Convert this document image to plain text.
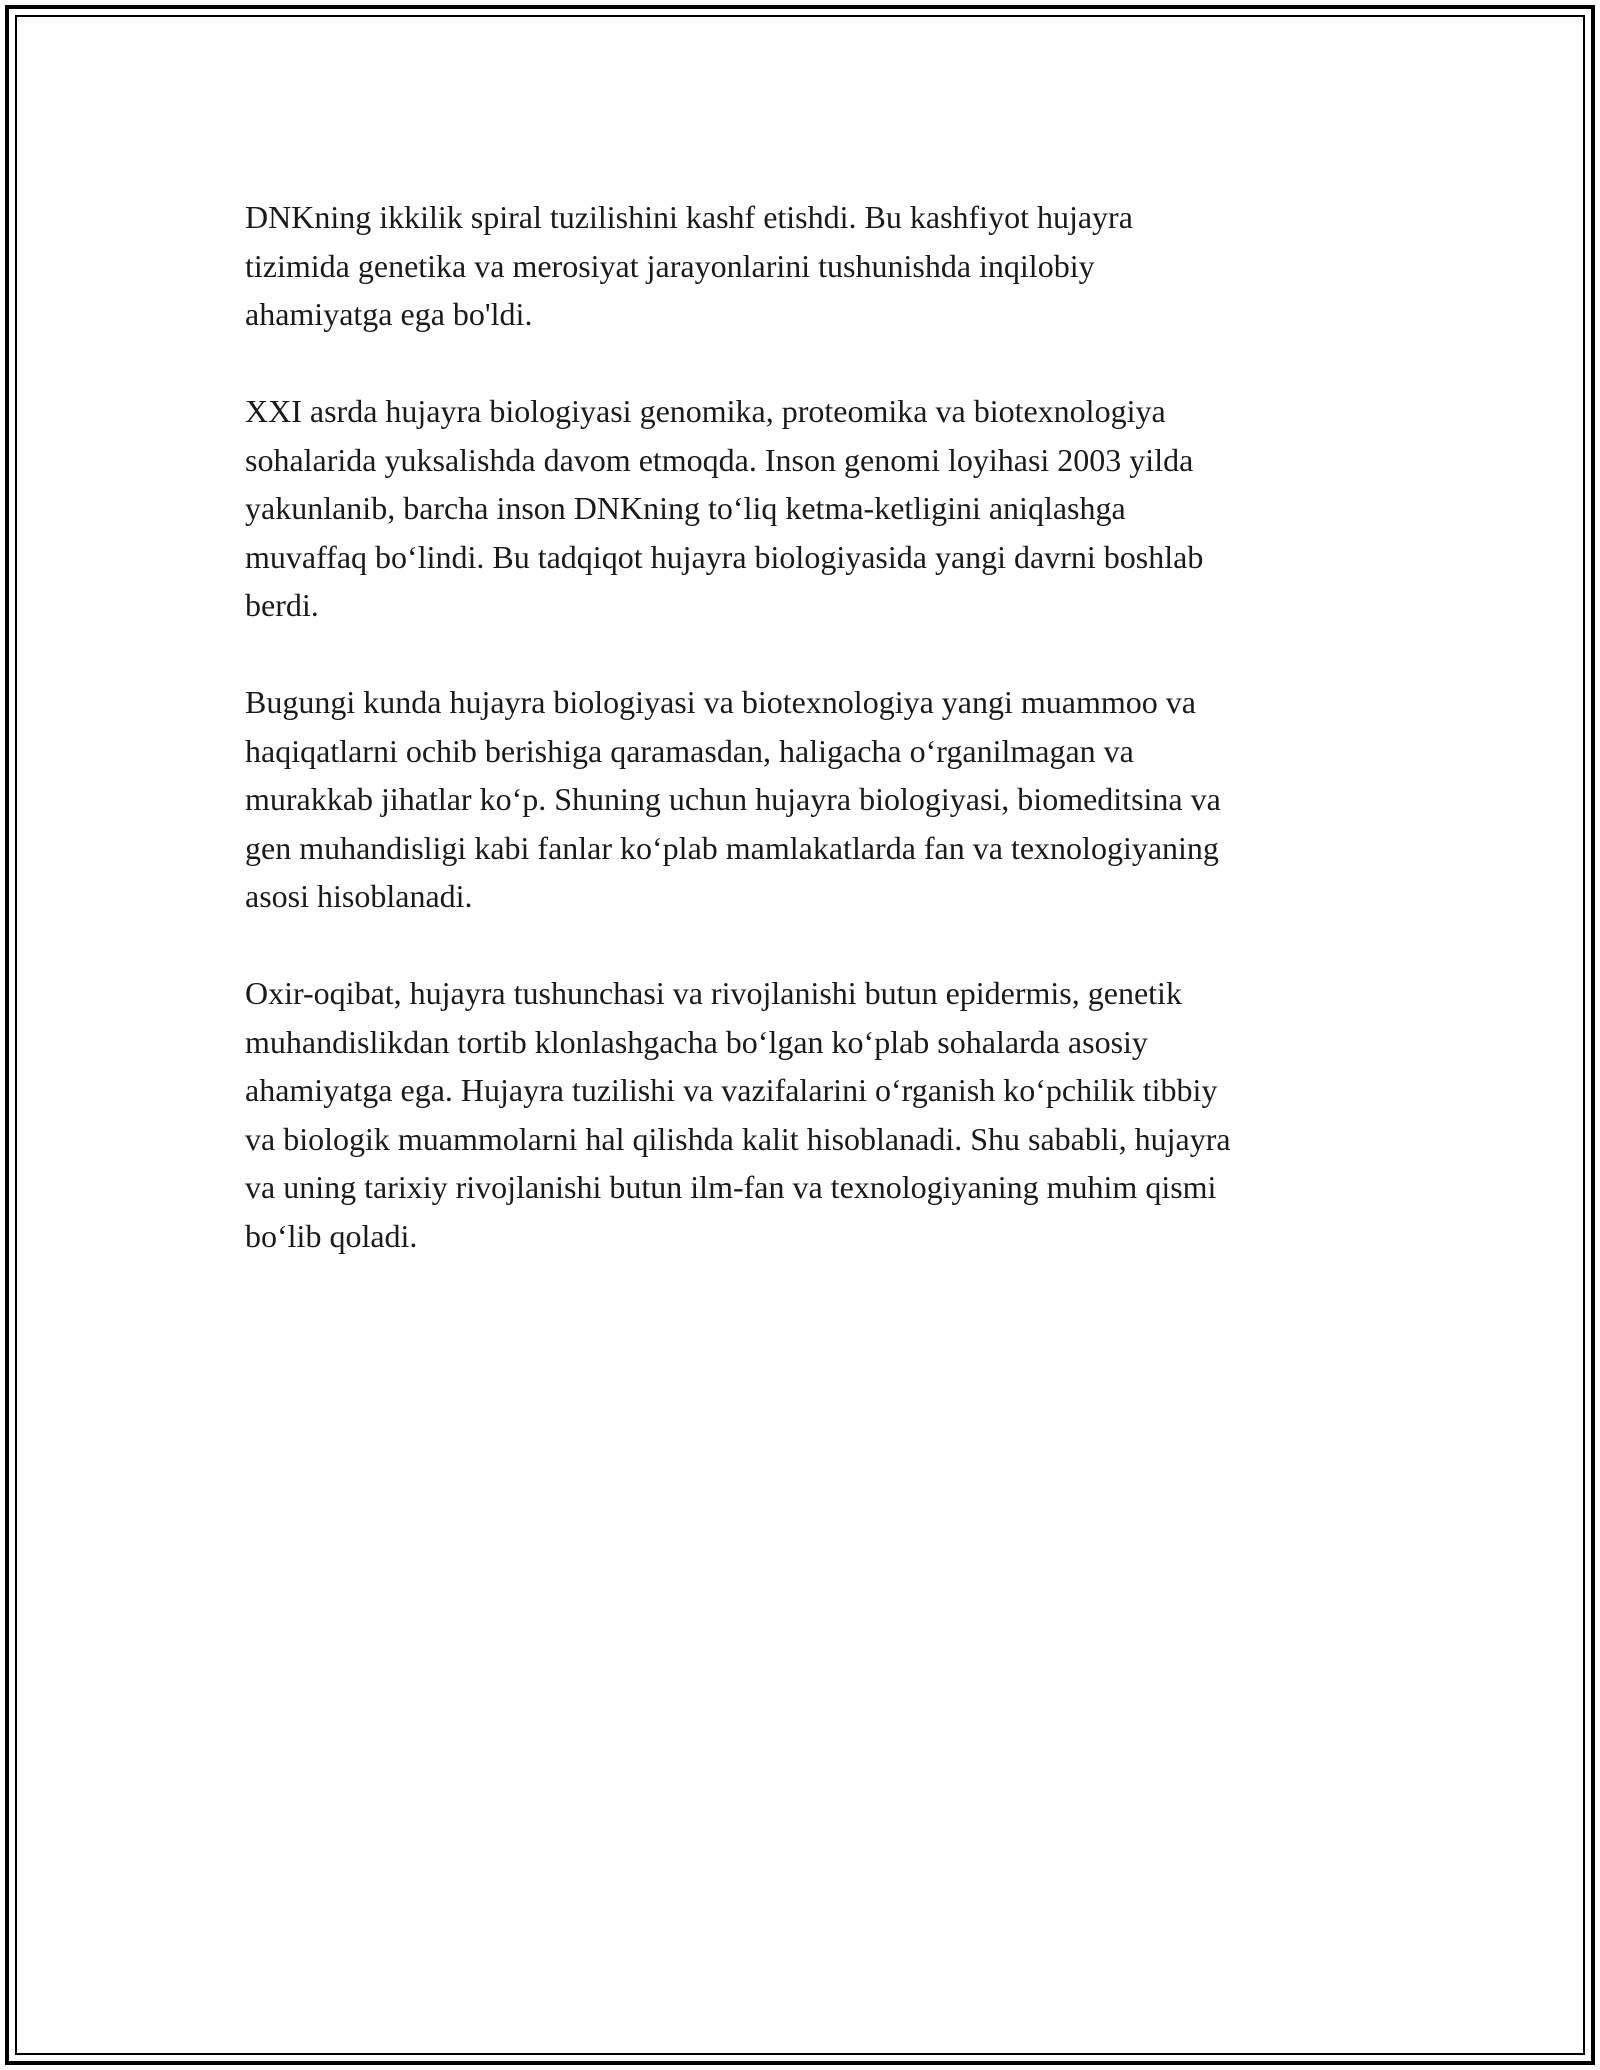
DNKning ikkilik spiral tuzilishini kashf etishdi. Bu kashfiyot hujayra
tizimida genetika va merosiyat jarayonlarini tushunishda inqilobiy
ahamiyatga ega bo'ldi.

XXI asrda hujayra biologiyasi genomika, proteomika va biotexnologiya
sohalarida yuksalishda davom etmoqda. Inson genomi loyihasi 2003 yilda
yakunlanib, barcha inson DNKning to‘liq ketma-ketligini aniqlashga
muvaffaq bo‘lindi. Bu tadqiqot hujayra biologiyasida yangi davrni boshlab
berdi.

Bugungi kunda hujayra biologiyasi va biotexnologiya yangi muammoo va
haqiqatlarni ochib berishiga qaramasdan, haligacha o‘rganilmagan va
murakkab jihatlar ko‘p. Shuning uchun hujayra biologiyasi, biomeditsina va
gen muhandisligi kabi fanlar ko‘plab mamlakatlarda fan va texnologiyaning
asosi hisoblanadi.

Oxir-oqibat, hujayra tushunchasi va rivojlanishi butun epidermis, genetik
muhandislikdan tortib klonlashgacha bo‘lgan ko‘plab sohalarda asosiy
ahamiyatga ega. Hujayra tuzilishi va vazifalarini o‘rganish ko‘pchilik tibbiy
va biologik muammolarni hal qilishda kalit hisoblanadi. Shu sababli, hujayra
va uning tarixiy rivojlanishi butun ilm-fan va texnologiyaning muhim qismi
bo‘lib qoladi.
